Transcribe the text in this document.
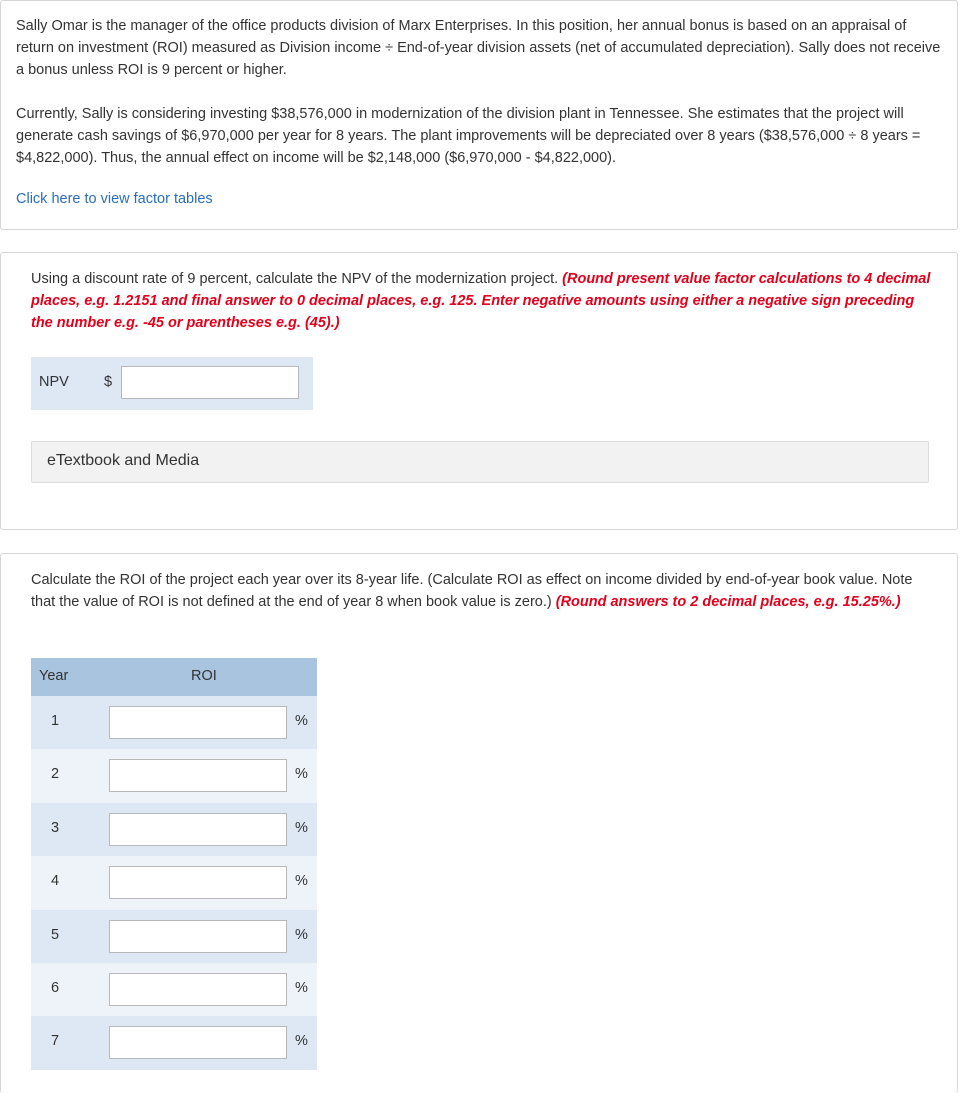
Sally Omar is the manager of the office products division of Marx Enterprises. In this position, her annual bonus is based on an appraisal of return on investment (ROI) measured as Division income ÷ End-of-year division assets (net of accumulated depreciation). Sally does not receive a bonus unless ROI is 9 percent or higher.

Currently, Sally is considering investing $38,576,000 in modernization of the division plant in Tennessee. She estimates that the project will generate cash savings of $6,970,000 per year for 8 years. The plant improvements will be depreciated over 8 years ($38,576,000 ÷ 8 years = $4,822,000). Thus, the annual effect on income will be $2,148,000 ($6,970,000 - $4,822,000).

Click here to view factor tables

Using a discount rate of 9 percent, calculate the NPV of the modernization project. (Round present value factor calculations to 4 decimal places, e.g. 1.2151 and final answer to 0 decimal places, e.g. 125. Enter negative amounts using either a negative sign preceding the number e.g. -45 or parentheses e.g. (45).)

NPV $
eTextbook and Media

Calculate the ROI of the project each year over its 8-year life. (Calculate ROI as effect on income divided by end-of-year book value. Note that the value of ROI is not defined at the end of year 8 when book value is zero.) (Round answers to 2 decimal places, e.g. 15.25%.)

Year	ROI
1	%
2	%
3	%
4	%
5	%
6	%
7	%
